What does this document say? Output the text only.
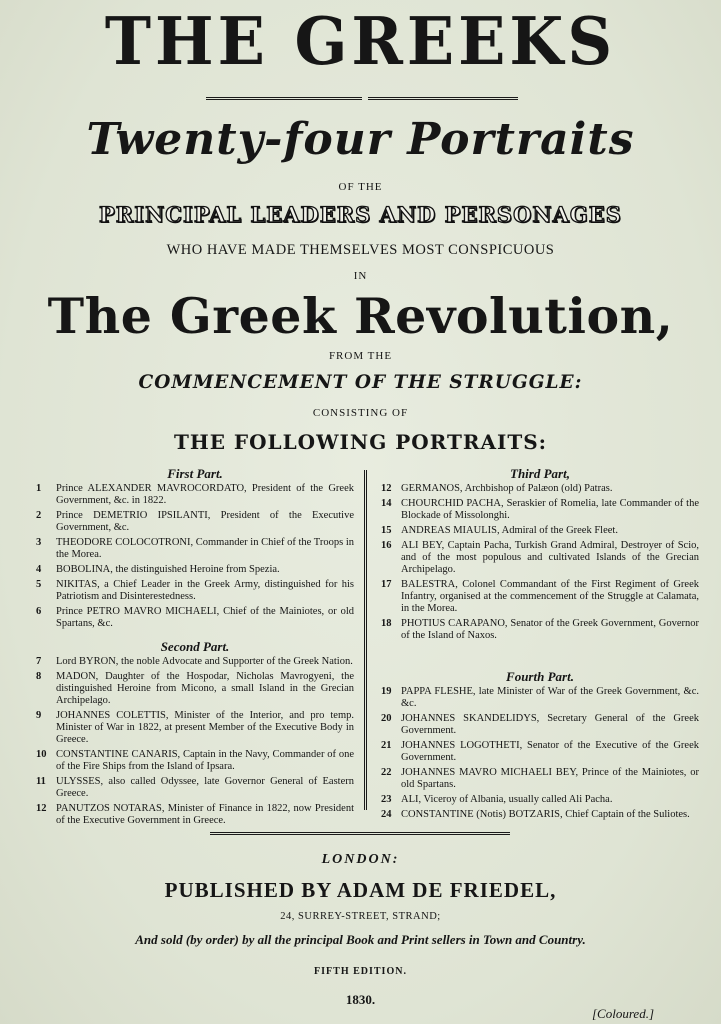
THE GREEKS
Twenty-four Portraits
OF THE
PRINCIPAL LEADERS AND PERSONAGES
WHO HAVE MADE THEMSELVES MOST CONSPICUOUS
IN
The Greek Revolution,
FROM THE
COMMENCEMENT OF THE STRUGGLE:
CONSISTING OF
THE FOLLOWING PORTRAITS:
First Part.
1	Prince ALEXANDER MAVROCORDATO, President of the Greek Government, &c. in 1822.
2	Prince DEMETRIO IPSILANTI, President of the Executive Government, &c.
3	THEODORE COLOCOTRONI, Commander in Chief of the Troops in the Morea.
4	BOBOLINA, the distinguished Heroine from Spezia.
5	NIKITAS, a Chief Leader in the Greek Army, distinguished for his Patriotism and Disinterestedness.
6	Prince PETRO MAVRO MICHAELI, Chief of the Mainiotes, or old Spartans, &c.
Second Part.
7	Lord BYRON, the noble Advocate and Supporter of the Greek Nation.
8	MADON, Daughter of the Hospodar, Nicholas Mavrogyeni, the distinguished Heroine from Micono, a small Island in the Grecian Archipelago.
9	JOHANNES COLETTIS, Minister of the Interior, and pro temp. Minister of War in 1822, at present Member of the Executive Body in Greece.
10 CONSTANTINE CANARIS, Captain in the Navy, Commander of one of the Fire Ships from the Island of Ipsara.
11 ULYSSES, also called Odyssee, late Governor General of Eastern Greece.
12 PANUTZOS NOTARAS, Minister of Finance in 1822, now President of the Executive Government in Greece.
Third Part,
12 GERMANOS, Archbishop of Palæon (old) Patras.
14 CHOURCHID PACHA, Seraskier of Romelia, late Commander of the Blockade of Missolonghi.
15 ANDREAS MIAULIS, Admiral of the Greek Fleet.
16 ALI BEY, Captain Pacha, Turkish Grand Admiral, Destroyer of Scio, and of the most populous and cultivated Islands of the Grecian Archipelago.
17 BALESTRA, Colonel Commandant of the First Regiment of Greek Infantry, organised at the commencement of the Struggle at Calamata, in the Morea.
18 PHOTIUS CARAPANO, Senator of the Greek Government, Governor of the Island of Naxos.
Fourth Part.
19 PAPPA FLESHE, late Minister of War of the Greek Government, &c. &c.
20 JOHANNES SKANDELIDYS, Secretary General of the Greek Government.
21 JOHANNES LOGOTHETI, Senator of the Executive of the Greek Government.
22 JOHANNES MAVRO MICHAELI BEY, Prince of the Mainiotes, or old Spartans.
23 ALI, Viceroy of Albania, usually called Ali Pacha.
24 CONSTANTINE (Notis) BOTZARIS, Chief Captain of the Suliotes.
LONDON:
PUBLISHED BY ADAM DE FRIEDEL,
24, SURREY-STREET, STRAND;
And sold (by order) by all the principal Book and Print sellers in Town and Country.
FIFTH EDITION.
1830.
[Coloured.]
